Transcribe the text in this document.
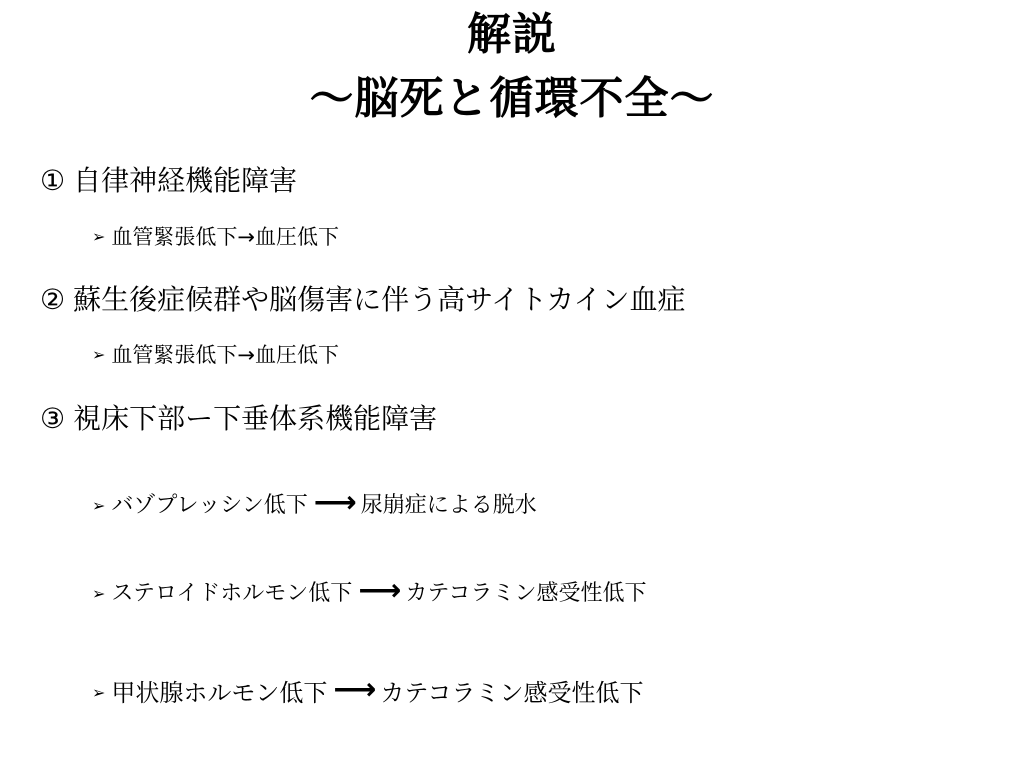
解説
～脳死と循環不全～
① 自律神経機能障害
➢ 血管緊張低下→血圧低下
② 蘇生後症候群や脳傷害に伴う高サイトカイン血症
➢ 血管緊張低下→血圧低下
③ 視床下部ー下垂体系機能障害
➢ バゾプレッシン低下 ⟶ 尿崩症による脱水
➢ ステロイドホルモン低下 ⟶ カテコラミン感受性低下
➢ 甲状腺ホルモン低下 ⟶ カテコラミン感受性低下
